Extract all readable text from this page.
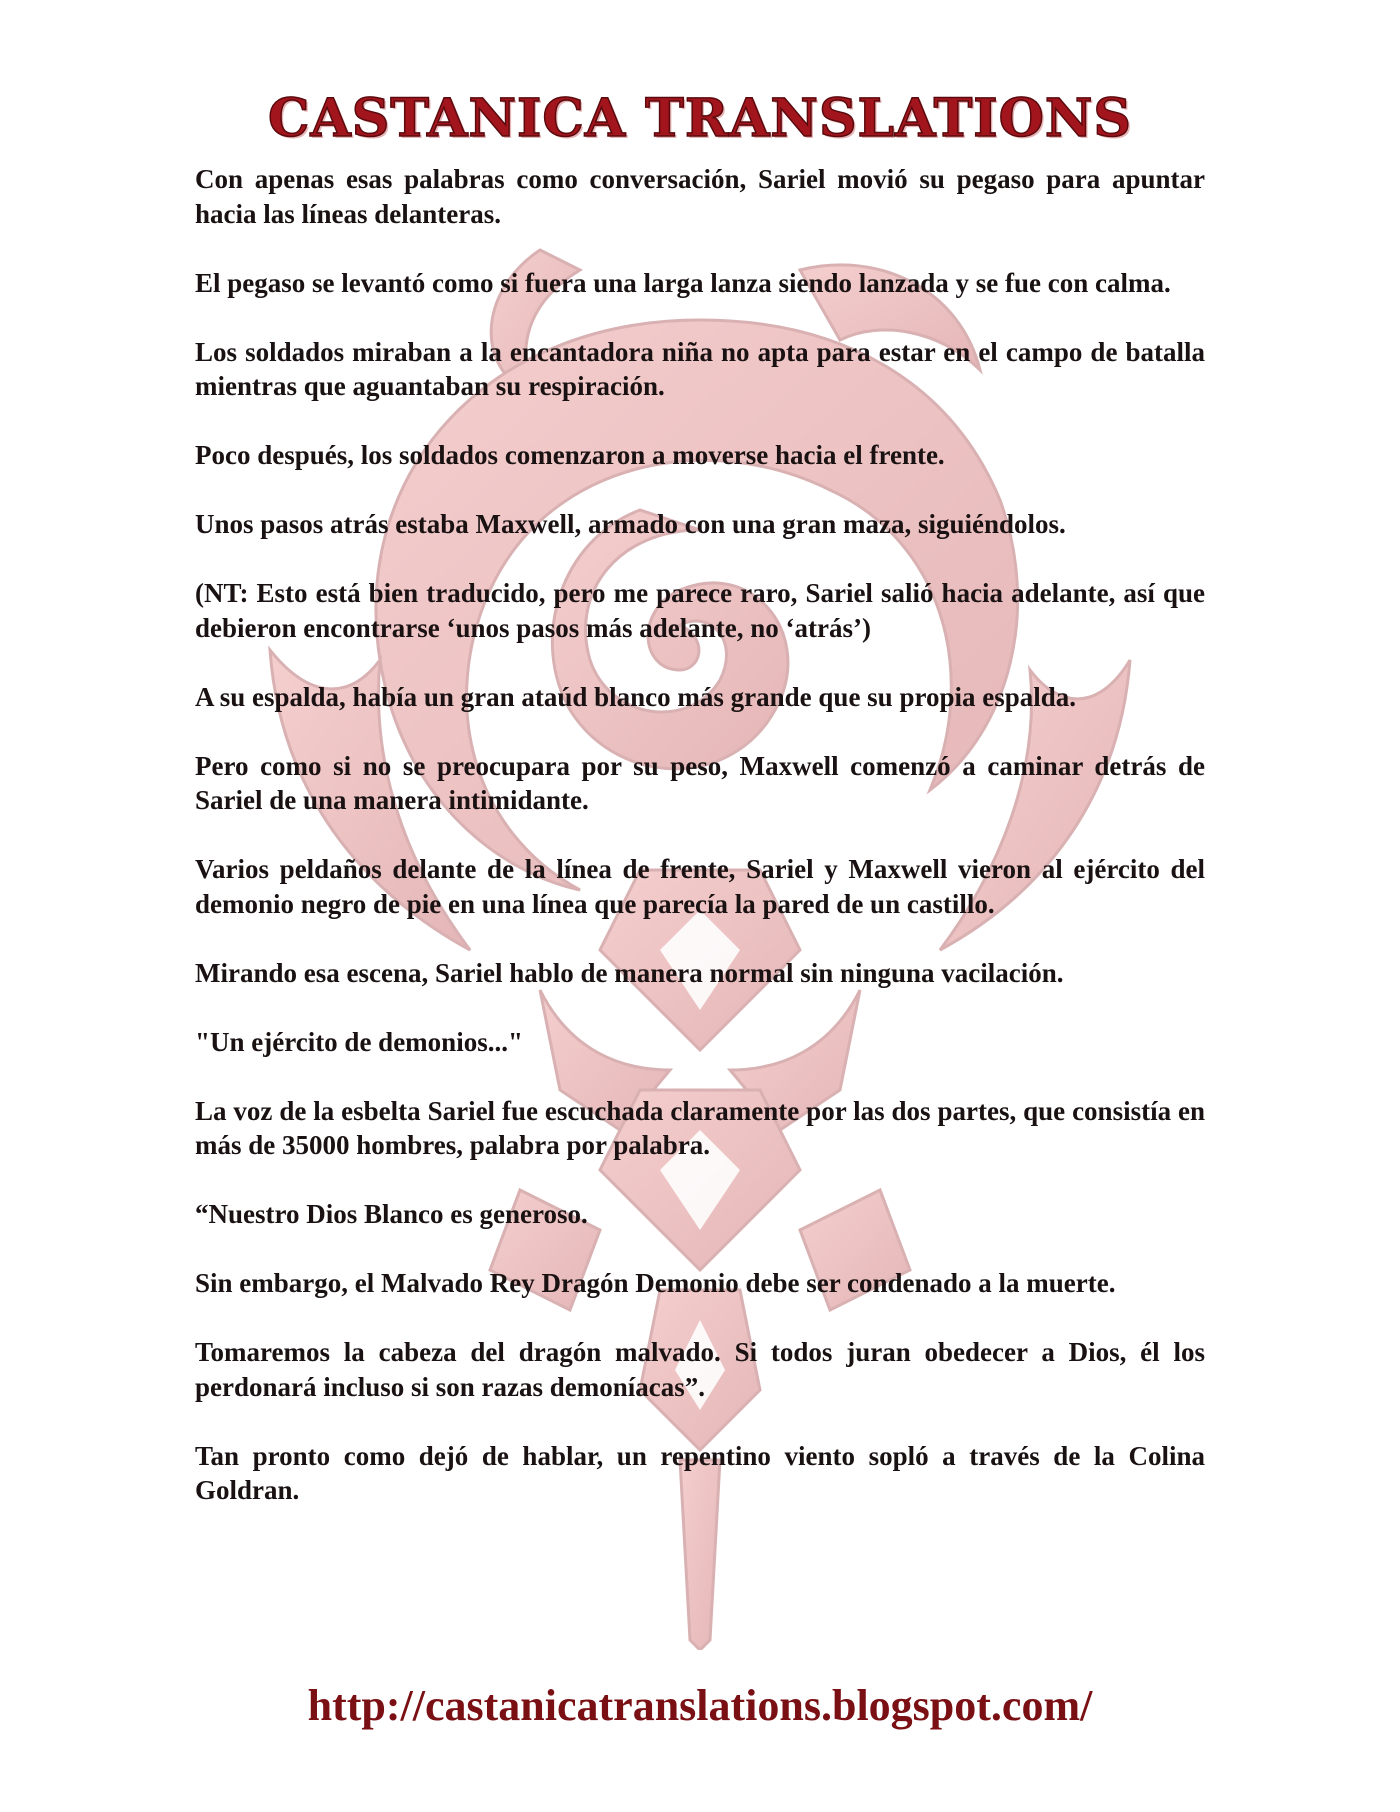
CASTANICA TRANSLATIONS

Con apenas esas palabras como conversación, Sariel movió su pegaso para apuntar hacia las líneas delanteras.

El pegaso se levantó como si fuera una larga lanza siendo lanzada y se fue con calma.

Los soldados miraban a la encantadora niña no apta para estar en el campo de batalla mientras que aguantaban su respiración.

Poco después, los soldados comenzaron a moverse hacia el frente.

Unos pasos atrás estaba Maxwell, armado con una gran maza, siguiéndolos.

(NT: Esto está bien traducido, pero me parece raro, Sariel salió hacia adelante, así que debieron encontrarse ‘unos pasos más adelante, no ‘atrás’)

A su espalda, había un gran ataúd blanco más grande que su propia espalda.

Pero como si no se preocupara por su peso, Maxwell comenzó a caminar detrás de Sariel de una manera intimidante.

Varios peldaños delante de la línea de frente, Sariel y Maxwell vieron al ejército del demonio negro de pie en una línea que parecía la pared de un castillo.

Mirando esa escena, Sariel hablo de manera normal sin ninguna vacilación.

"Un ejército de demonios..."

La voz de la esbelta Sariel fue escuchada claramente por las dos partes, que consistía en más de 35000 hombres, palabra por palabra.

“Nuestro Dios Blanco es generoso.

Sin embargo, el Malvado Rey Dragón Demonio debe ser condenado a la muerte.

Tomaremos la cabeza del dragón malvado. Si todos juran obedecer a Dios, él los perdonará incluso si son razas demoníacas”.

Tan pronto como dejó de hablar, un repentino viento sopló a través de la Colina Goldran.

http://castanicatranslations.blogspot.com/
